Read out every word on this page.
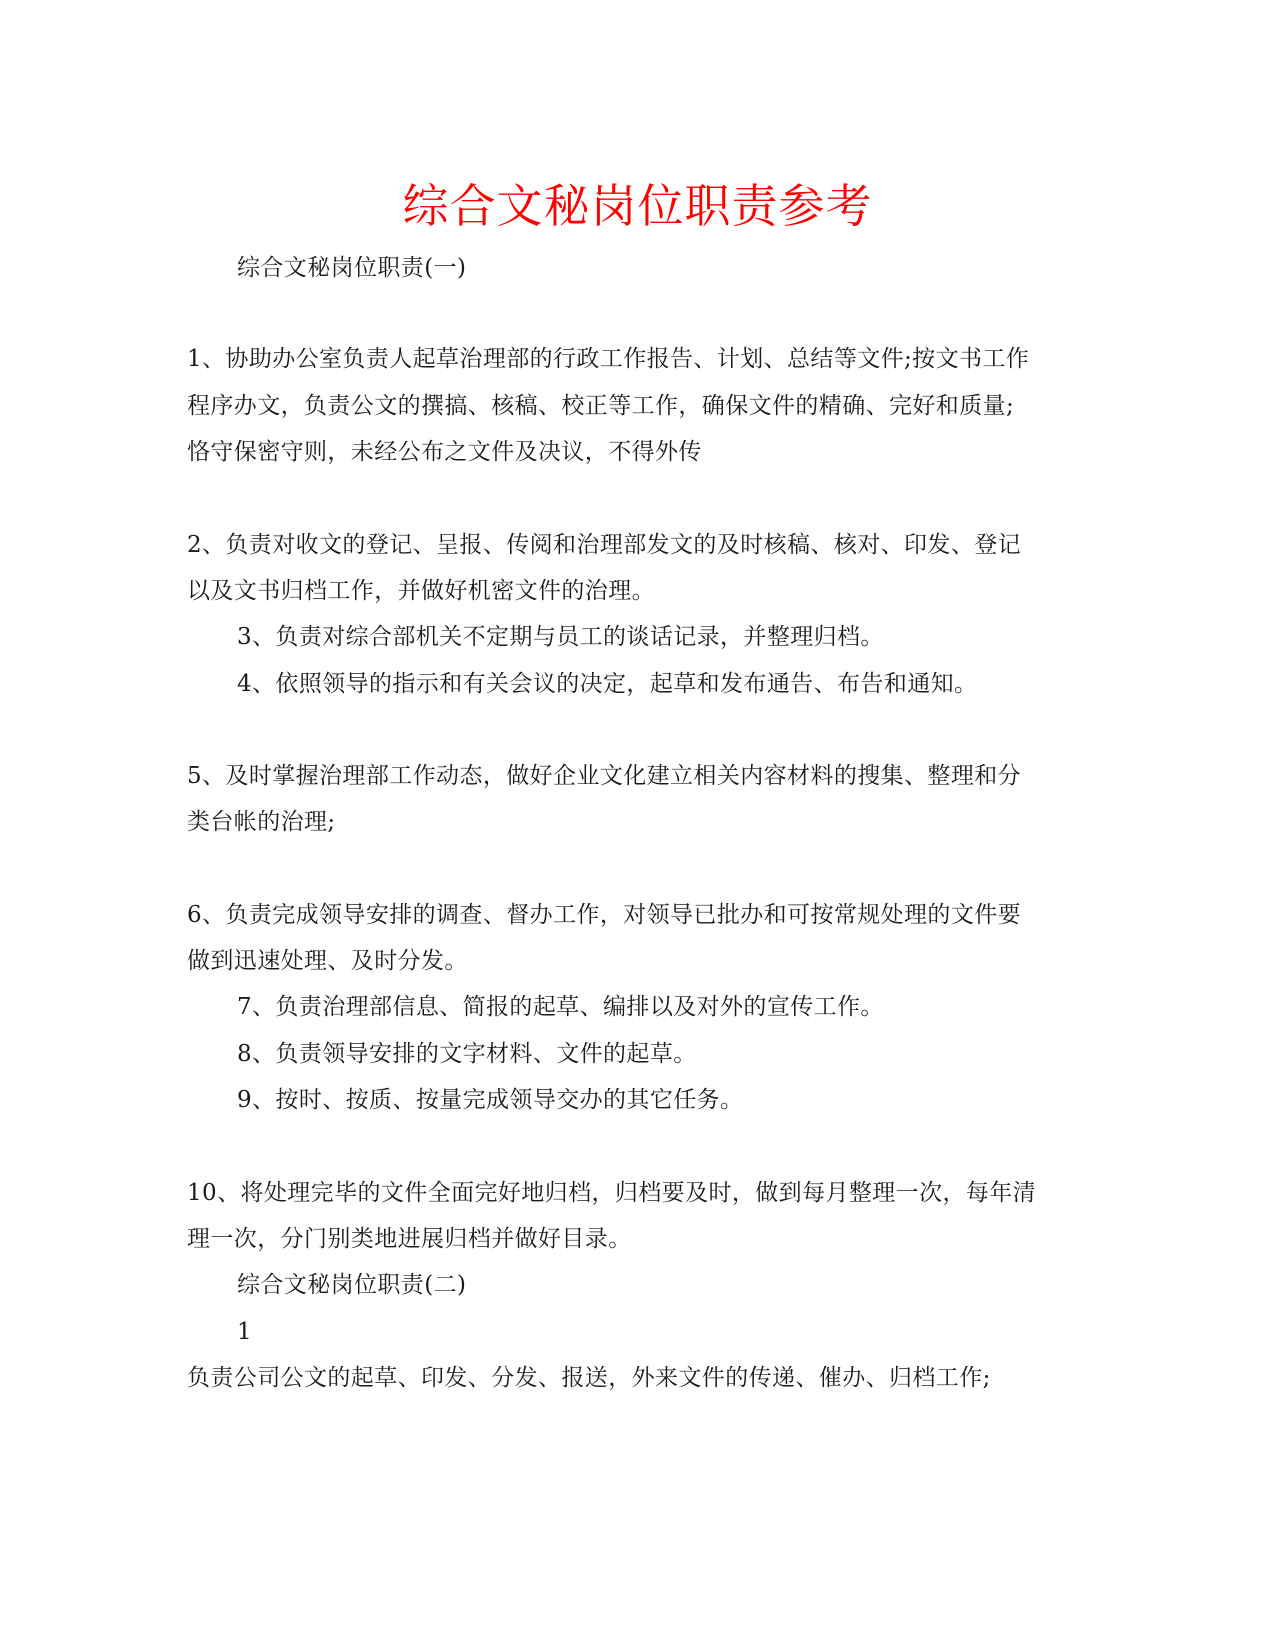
综合文秘岗位职责参考
综合文秘岗位职责(一)
1、协助办公室负责人起草治理部的行政工作报告、计划、总结等文件;按文书工作
程序办文，负责公文的撰搞、核稿、校正等工作，确保文件的精确、完好和质量;
恪守保密守则，未经公布之文件及决议，不得外传
2、负责对收文的登记、呈报、传阅和治理部发文的及时核稿、核对、印发、登记
以及文书归档工作，并做好机密文件的治理。
3、负责对综合部机关不定期与员工的谈话记录，并整理归档。
4、依照领导的指示和有关会议的决定，起草和发布通告、布告和通知。
5、及时掌握治理部工作动态，做好企业文化建立相关内容材料的搜集、整理和分
类台帐的治理;
6、负责完成领导安排的调查、督办工作，对领导已批办和可按常规处理的文件要
做到迅速处理、及时分发。
7、负责治理部信息、简报的起草、编排以及对外的宣传工作。
8、负责领导安排的文字材料、文件的起草。
9、按时、按质、按量完成领导交办的其它任务。
10、将处理完毕的文件全面完好地归档，归档要及时，做到每月整理一次，每年清
理一次，分门别类地进展归档并做好目录。
综合文秘岗位职责(二)
1
负责公司公文的起草、印发、分发、报送，外来文件的传递、催办、归档工作;
